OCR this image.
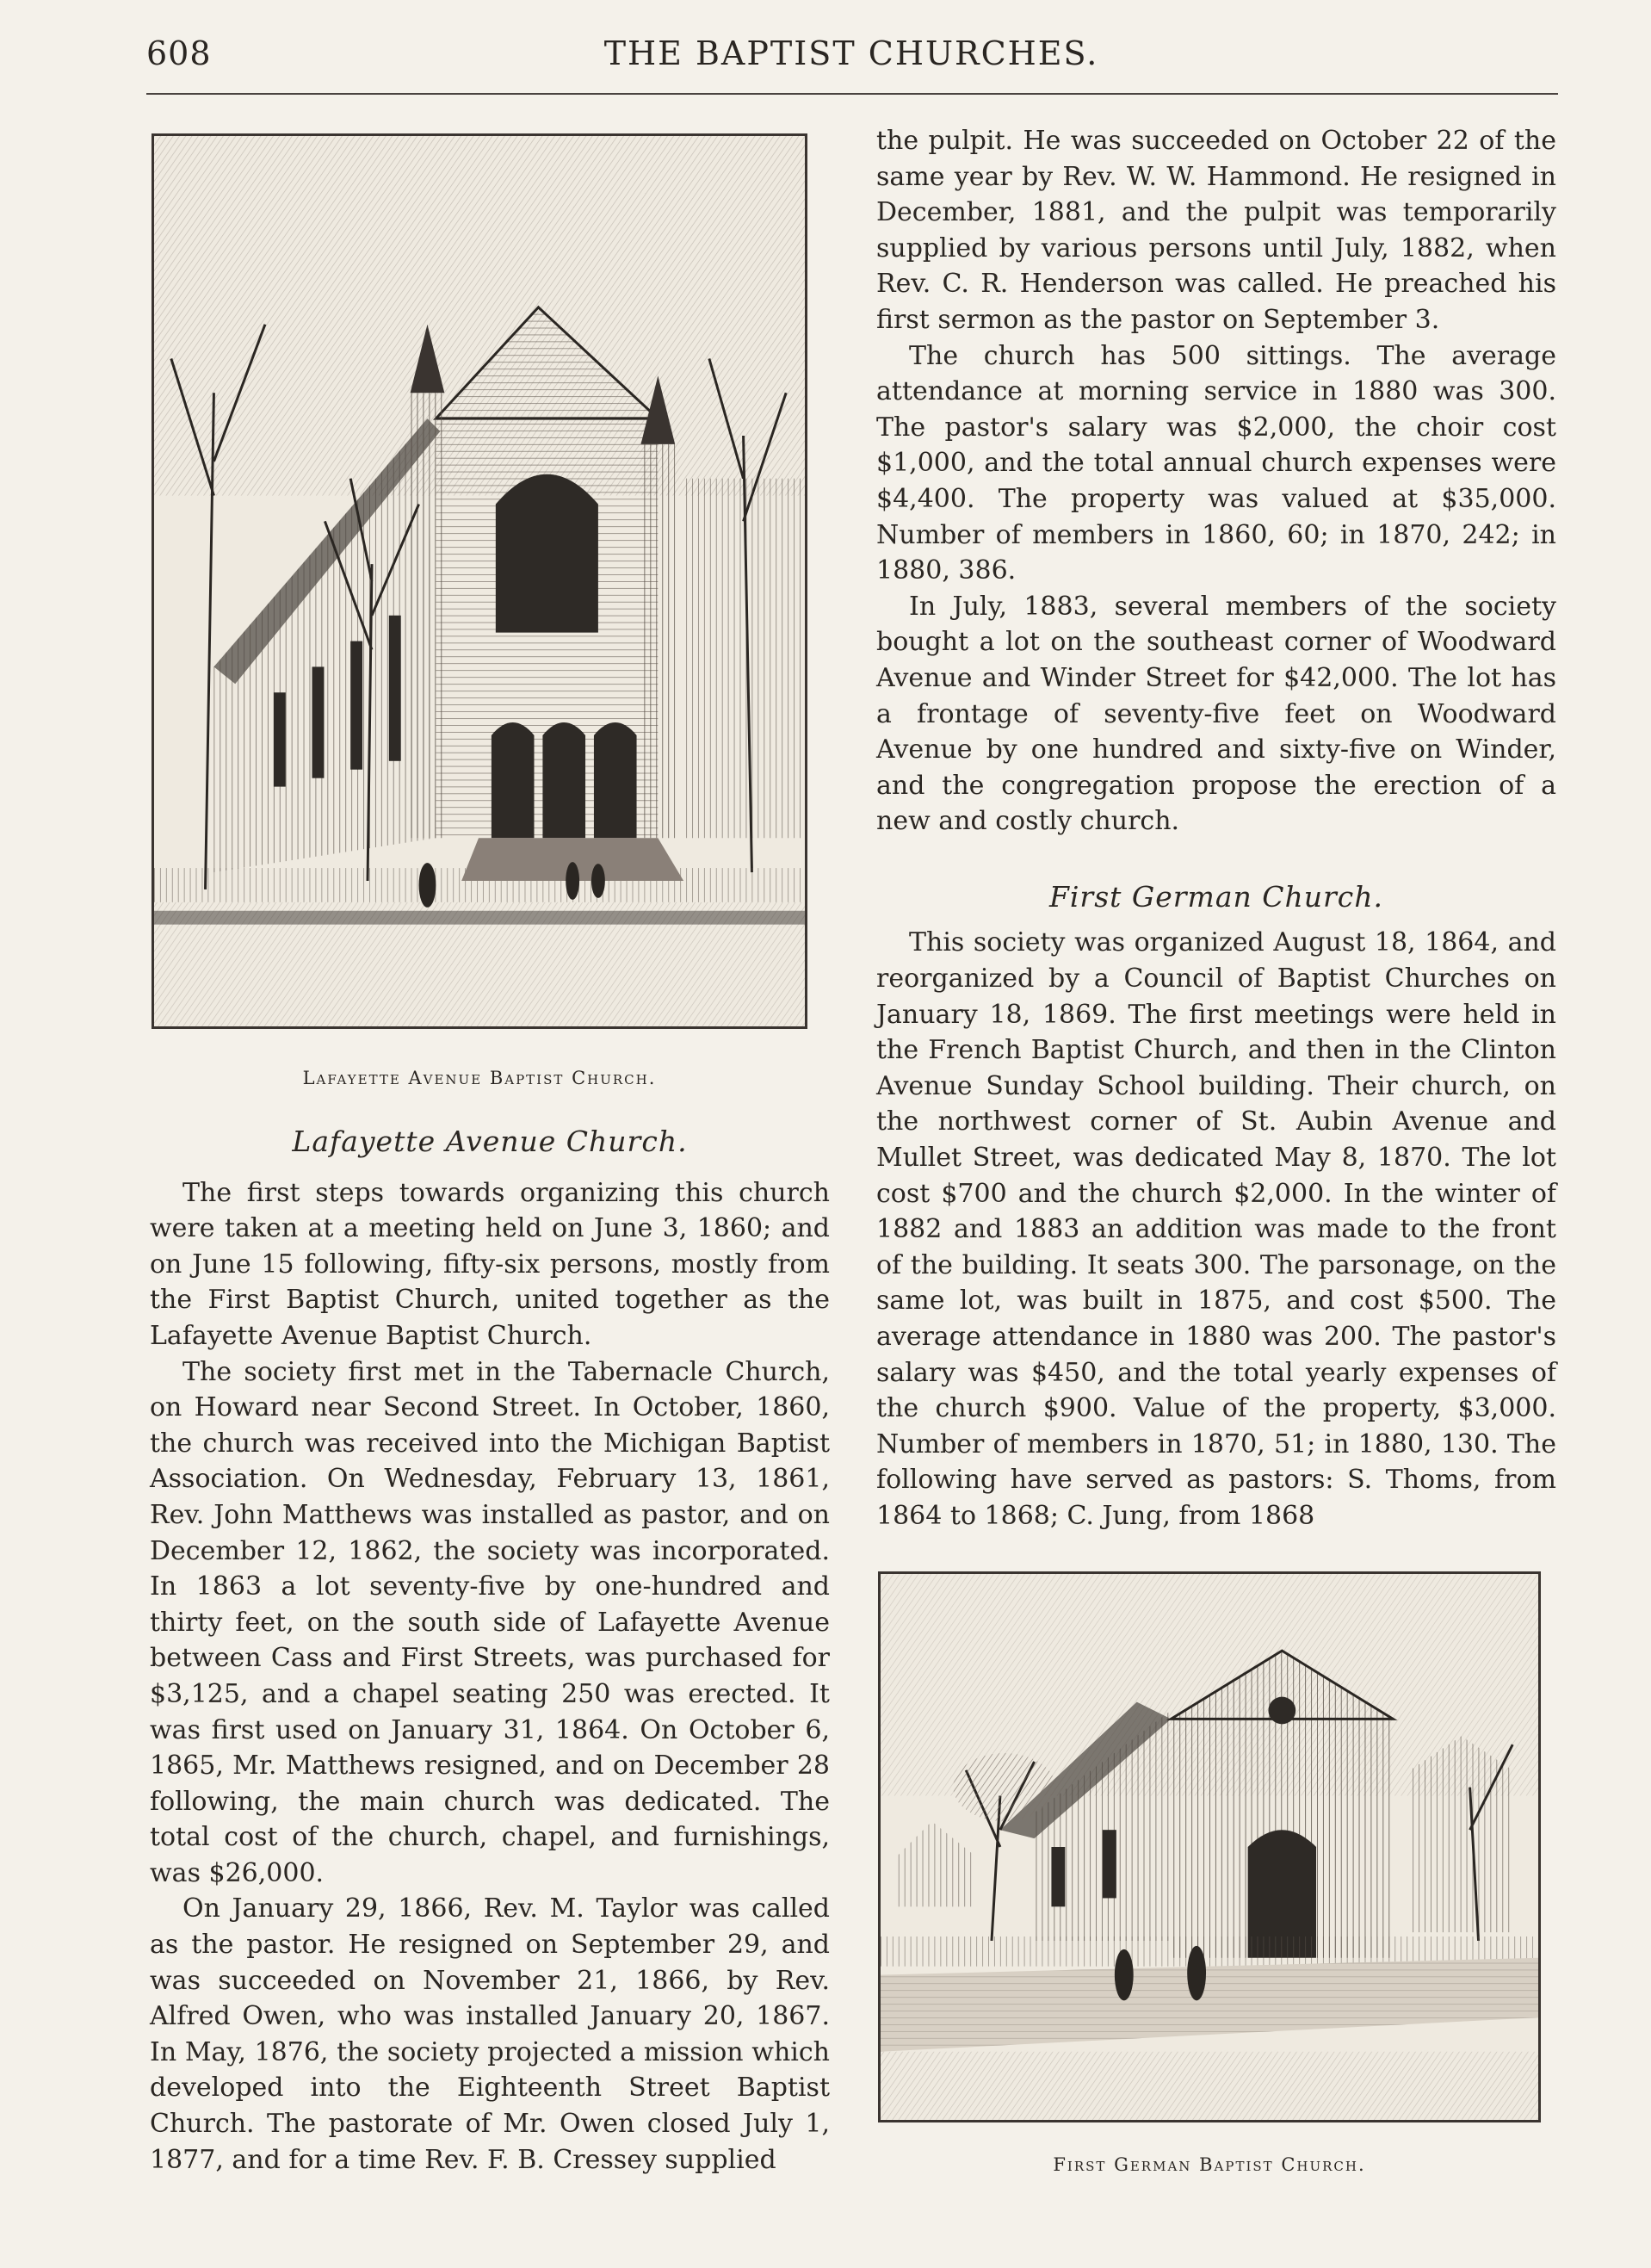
608	THE BAPTIST CHURCHES.
Lafayette Avenue Baptist Church.
Lafayette Avenue Church.

The first steps towards organizing this church were taken at a meeting held on June 3, 1860; and on June 15 following, fifty-six persons, mostly from the First Baptist Church, united together as the Lafayette Avenue Baptist Church.

The society first met in the Tabernacle Church, on Howard near Second Street. In October, 1860, the church was received into the Michigan Baptist Association. On Wednesday, February 13, 1861, Rev. John Matthews was installed as pastor, and on December 12, 1862, the society was incorporated. In 1863 a lot seventy-five by one-hundred and thirty feet, on the south side of Lafayette Avenue between Cass and First Streets, was purchased for $3,125, and a chapel seating 250 was erected. It was first used on January 31, 1864. On October 6, 1865, Mr. Matthews resigned, and on December 28 following, the main church was dedicated. The total cost of the church, chapel, and furnishings, was $26,000.

On January 29, 1866, Rev. M. Taylor was called as the pastor. He resigned on September 29, and was succeeded on November 21, 1866, by Rev. Alfred Owen, who was installed January 20, 1867. In May, 1876, the society projected a mission which developed into the Eighteenth Street Baptist Church. The pastorate of Mr. Owen closed July 1, 1877, and for a time Rev. F. B. Cressey supplied

the pulpit. He was succeeded on October 22 of the same year by Rev. W. W. Hammond. He resigned in December, 1881, and the pulpit was temporarily supplied by various persons until July, 1882, when Rev. C. R. Henderson was called. He preached his first sermon as the pastor on September 3.

The church has 500 sittings. The average attendance at morning service in 1880 was 300. The pastor's salary was $2,000, the choir cost $1,000, and the total annual church expenses were $4,400. The property was valued at $35,000. Number of members in 1860, 60; in 1870, 242; in 1880, 386.

In July, 1883, several members of the society bought a lot on the southeast corner of Woodward Avenue and Winder Street for $42,000. The lot has a frontage of seventy-five feet on Woodward Avenue by one hundred and sixty-five on Winder, and the congregation propose the erection of a new and costly church.

First German Church.

This society was organized August 18, 1864, and reorganized by a Council of Baptist Churches on January 18, 1869. The first meetings were held in the French Baptist Church, and then in the Clinton Avenue Sunday School building. Their church, on the northwest corner of St. Aubin Avenue and Mullet Street, was dedicated May 8, 1870. The lot cost $700 and the church $2,000. In the winter of 1882 and 1883 an addition was made to the front of the building. It seats 300. The parsonage, on the same lot, was built in 1875, and cost $500. The average attendance in 1880 was 200. The pastor's salary was $450, and the total yearly expenses of the church $900. Value of the property, $3,000. Number of members in 1870, 51; in 1880, 130. The following have served as pastors: S. Thoms, from 1864 to 1868; C. Jung, from 1868

First German Baptist Church.
